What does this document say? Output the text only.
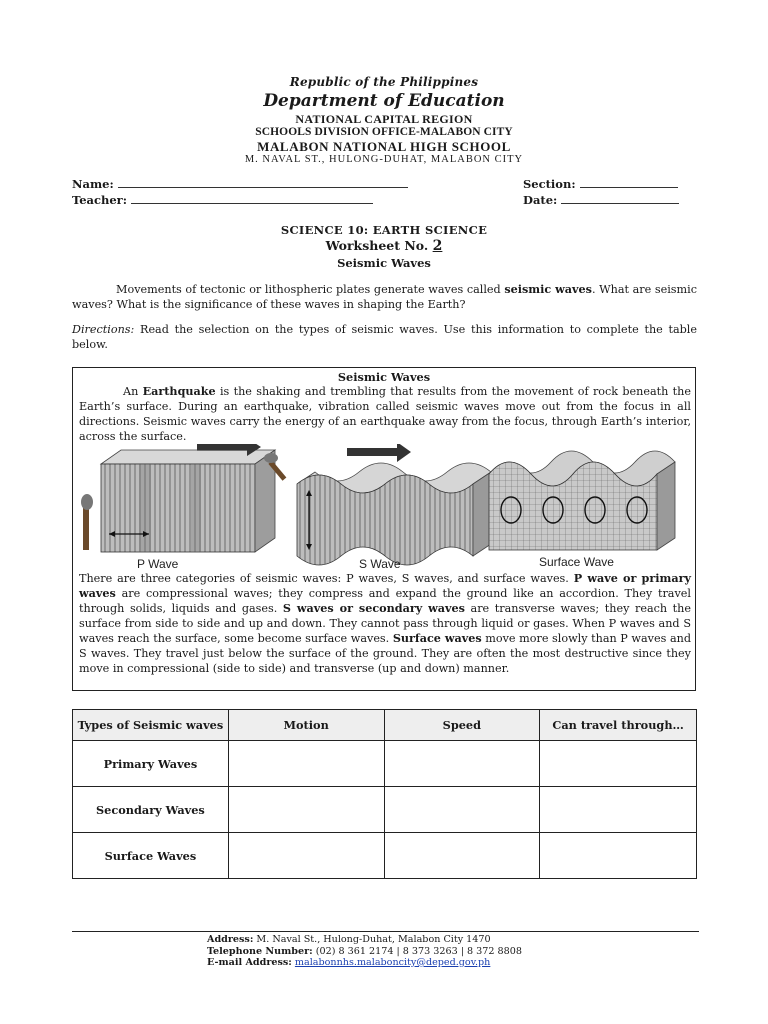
Republic of the Philippines
Department of Education
NATIONAL CAPITAL REGION
SCHOOLS DIVISION OFFICE-MALABON CITY
MALABON NATIONAL HIGH SCHOOL
M. NAVAL ST., HULONG-DUHAT, MALABON CITY
Name:	Section:
Teacher:	Date:
SCIENCE 10: EARTH SCIENCE
Worksheet No. 2
Seismic Waves

Movements of tectonic or lithospheric plates generate waves called seismic waves. What are seismic waves? What is the significance of these waves in shaping the Earth?

Directions: Read the selection on the types of seismic waves. Use this information to complete the table below.

Seismic Waves

An Earthquake is the shaking and trembling that results from the movement of rock beneath the Earth’s surface. During an earthquake, vibration called seismic waves move out from the focus in all directions. Seismic waves carry the energy of an earthquake away from the focus, through Earth’s interior, across the surface.

P Wave	S Wave	Surface Wave

There are three categories of seismic waves: P waves, S waves, and surface waves. P wave or primary waves are compressional waves; they compress and expand the ground like an accordion. They travel through solids, liquids and gases. S waves or secondary waves are transverse waves; they reach the surface from side to side and up and down. They cannot pass through liquid or gases. When P waves and S waves reach the surface, some become surface waves. Surface waves move more slowly than P waves and S waves. They travel just below the surface of the ground. They are often the most destructive since they move in compressional (side to side) and transverse (up and down) manner.

Types of Seismic waves	Motion	Speed	Can travel through…
Primary Waves			
Secondary Waves			
Surface Waves			
Address: M. Naval St., Hulong-Duhat, Malabon City 1470
Telephone Number: (02) 8 361 2174 | 8 373 3263 | 8 372 8808
E-mail Address: malabonnhs.malaboncity@deped.gov.ph
